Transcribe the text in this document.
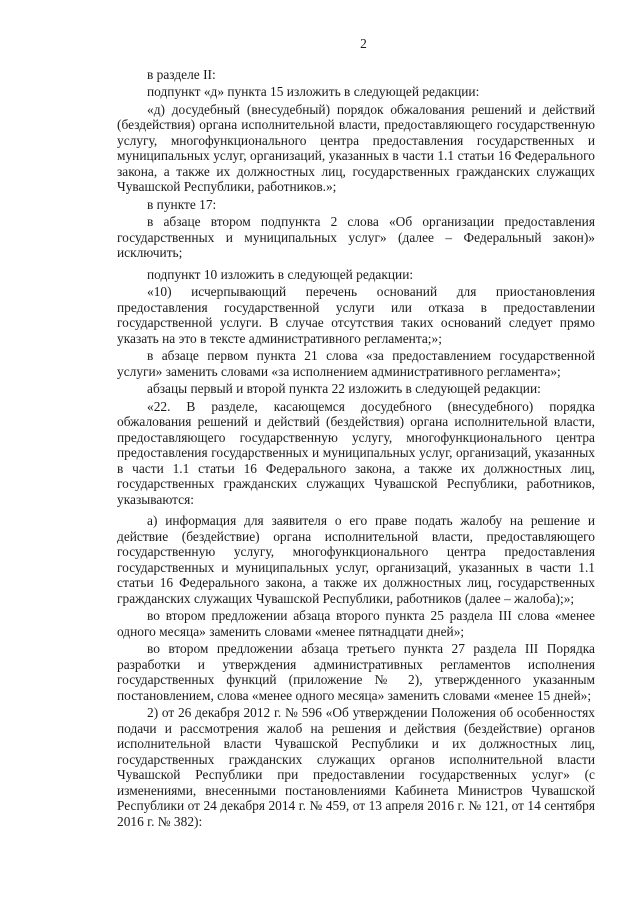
2

в разделе II:

подпункт «д» пункта 15 изложить в следующей редакции:

«д) досудебный (внесудебный) порядок обжалования решений и действий (бездействия) органа исполнительной власти, предоставляющего государственную услугу, многофункционального центра предоставления государственных и муниципальных услуг, организаций, указанных в части 1.1 статьи 16 Федерального закона, а также их должностных лиц, государственных гражданских служащих Чувашской Республики, работников.»;

в пункте 17:

в абзаце втором подпункта 2 слова «Об организации предоставления государственных и муниципальных услуг» (далее – Федеральный закон)» исключить;

подпункт 10 изложить в следующей редакции:

«10) исчерпывающий перечень оснований для приостановления предоставления государственной услуги или отказа в предоставлении государственной услуги. В случае отсутствия таких оснований следует прямо указать на это в тексте административного регламента;»;

в абзаце первом пункта 21 слова «за предоставлением государственной услуги» заменить словами «за исполнением административного регламента»;

абзацы первый и второй пункта 22 изложить в следующей редакции:

«22. В разделе, касающемся досудебного (внесудебного) порядка обжалования решений и действий (бездействия) органа исполнительной власти, предоставляющего государственную услугу, многофункционального центра предоставления государственных и муниципальных услуг, организаций, указанных в части 1.1 статьи 16 Федерального закона, а также их должностных лиц, государственных гражданских служащих Чувашской Республики, работников, указываются:

а) информация для заявителя о его праве подать жалобу на решение и действие (бездействие) органа исполнительной власти, предоставляющего государственную услугу, многофункционального центра предоставления государственных и муниципальных услуг, организаций, указанных в части 1.1 статьи 16 Федерального закона, а также их должностных лиц, государственных гражданских служащих Чувашской Республики, работников (далее – жалоба);»;

во втором предложении абзаца второго пункта 25 раздела III слова «менее одного месяца» заменить словами «менее пятнадцати дней»;

во втором предложении абзаца третьего пункта 27 раздела III Порядка разработки и утверждения административных регламентов исполнения государственных функций (приложение № 2), утвержденного указанным постановлением, слова «менее одного месяца» заменить словами «менее 15 дней»;

2) от 26 декабря 2012 г. № 596 «Об утверждении Положения об особенностях подачи и рассмотрения жалоб на решения и действия (бездействие) органов исполнительной власти Чувашской Республики и их должностных лиц, государственных гражданских служащих органов исполнительной власти Чувашской Республики при предоставлении государственных услуг» (с изменениями, внесенными постановлениями Кабинета Министров Чувашской Республики от 24 декабря 2014 г. № 459, от 13 апреля 2016 г. № 121, от 14 сентября 2016 г. № 382):
